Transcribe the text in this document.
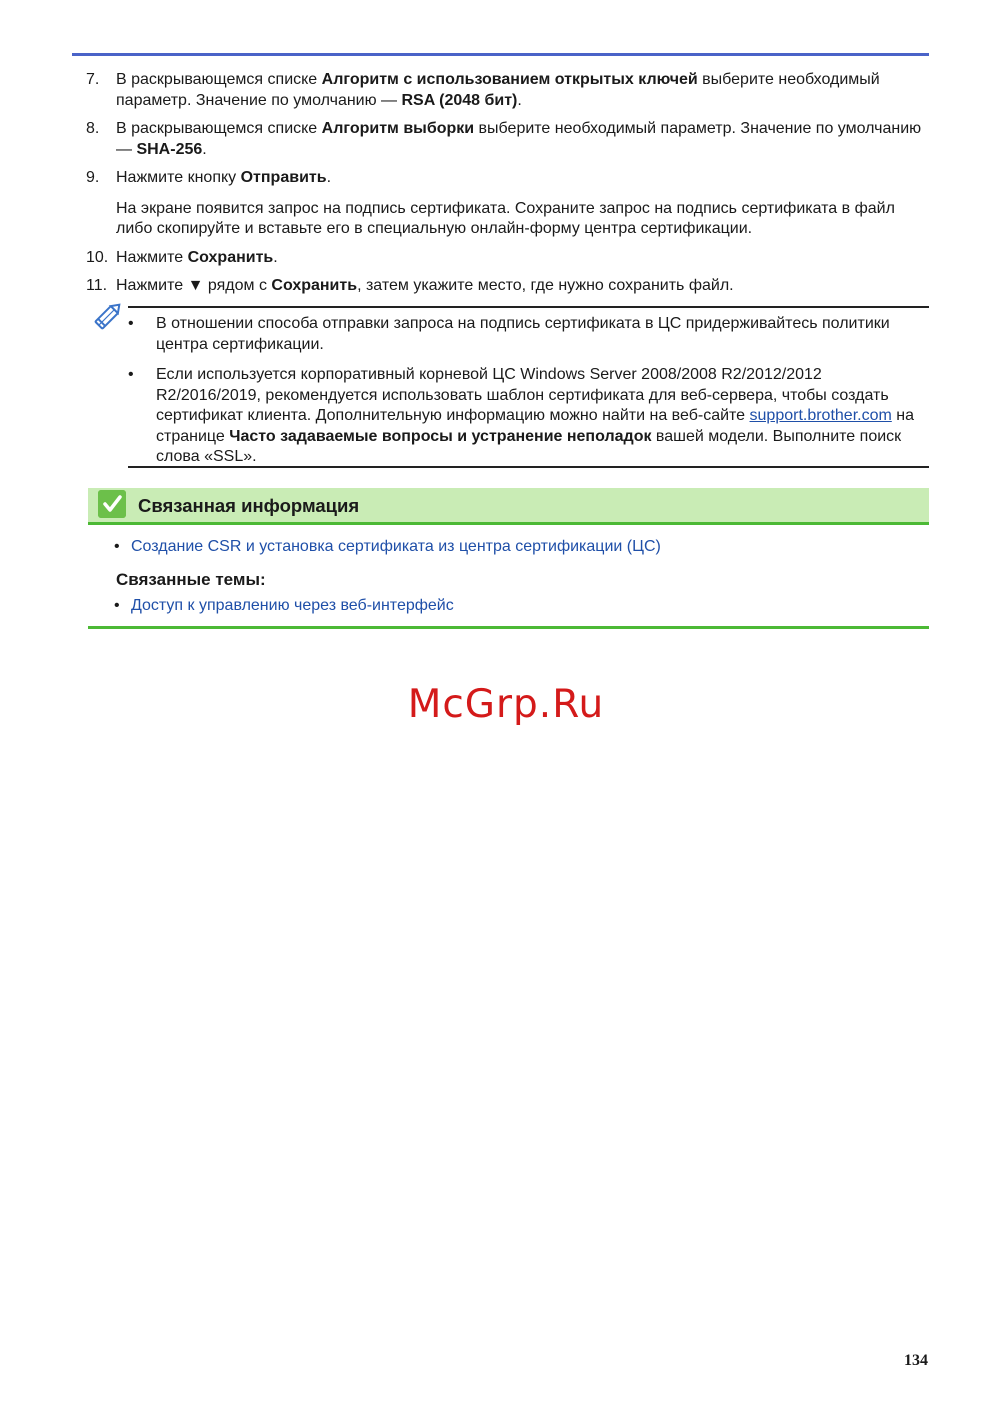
7.	В раскрывающемся списке Алгоритм с использованием открытых ключей выберите необходимый параметр. Значение по умолчанию — RSA (2048 бит).

8.	В раскрывающемся списке Алгоритм выборки выберите необходимый параметр. Значение по умолчанию — SHA-256.

9.	Нажмите кнопку Отправить.

На экране появится запрос на подпись сертификата. Сохраните запрос на подпись сертификата в файл либо скопируйте и вставьте его в специальную онлайн-форму центра сертификации.

10. Нажмите Сохранить.

11. Нажмите ▼ рядом с Сохранить, затем укажите место, где нужно сохранить файл.

• В отношении способа отправки запроса на подпись сертификата в ЦС придерживайтесь политики центра сертификации.
• Если используется корпоративный корневой ЦС Windows Server 2008/2008 R2/2012/2012 R2/2016/2019, рекомендуется использовать шаблон сертификата для веб-сервера, чтобы создать сертификат клиента. Дополнительную информацию можно найти на веб-сайте support.brother.com на странице Часто задаваемые вопросы и устранение неполадок вашей модели. Выполните поиск слова «SSL».
Связанная информация
• Создание CSR и установка сертификата из центра сертификации (ЦС)
Связанные темы:
• Доступ к управлению через веб-интерфейс
McGrp.Ru
134
